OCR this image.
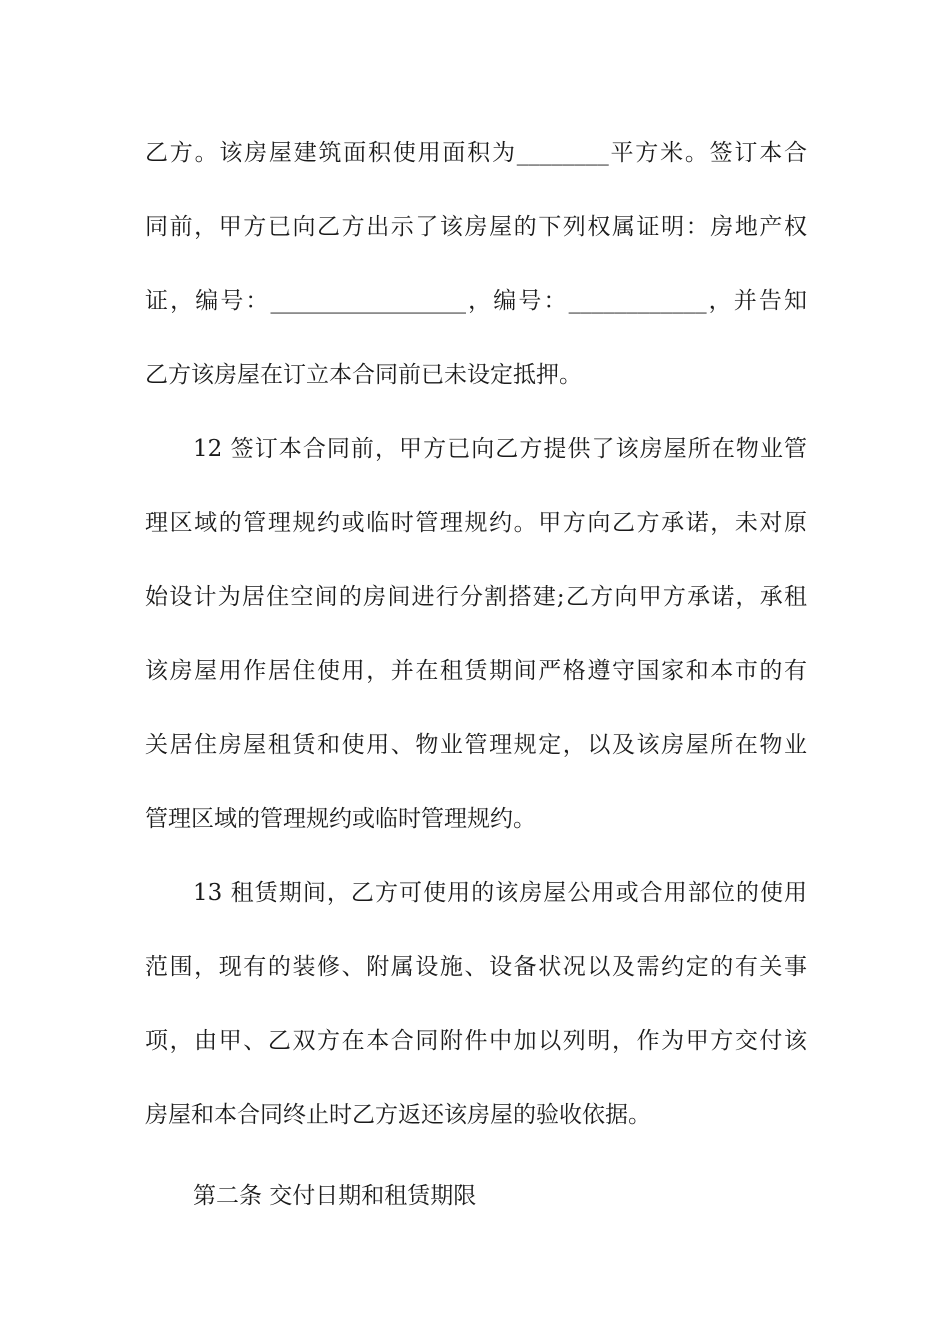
乙方。该房屋建筑面积使用面积为________平方米。签订本合
同前，甲方已向乙方出示了该房屋的下列权属证明：房地产权
证，编号：_________________，编号：____________，并告知
乙方该房屋在订立本合同前已未设定抵押。
12 签订本合同前，甲方已向乙方提供了该房屋所在物业管
理区域的管理规约或临时管理规约。甲方向乙方承诺，未对原
始设计为居住空间的房间进行分割搭建;乙方向甲方承诺，承租
该房屋用作居住使用，并在租赁期间严格遵守国家和本市的有
关居住房屋租赁和使用、物业管理规定，以及该房屋所在物业
管理区域的管理规约或临时管理规约。
13 租赁期间，乙方可使用的该房屋公用或合用部位的使用
范围，现有的装修、附属设施、设备状况以及需约定的有关事
项，由甲、乙双方在本合同附件中加以列明，作为甲方交付该
房屋和本合同终止时乙方返还该房屋的验收依据。
第二条 交付日期和租赁期限
